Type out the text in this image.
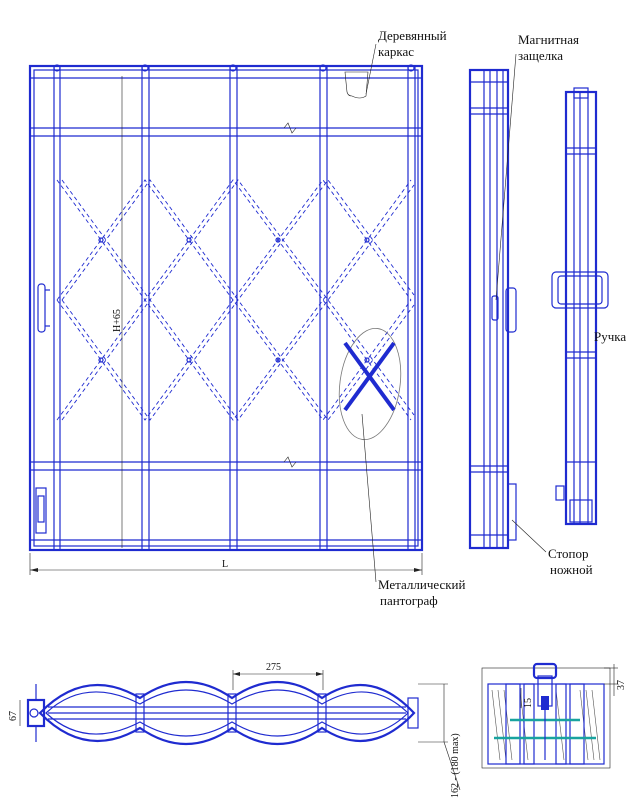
H+65
L
275
67
162 - (180 max)
37
15
Деревянный
каркас
Магнитная
защелка
Ручка
Стопор
ножной
Металлический
пантограф
